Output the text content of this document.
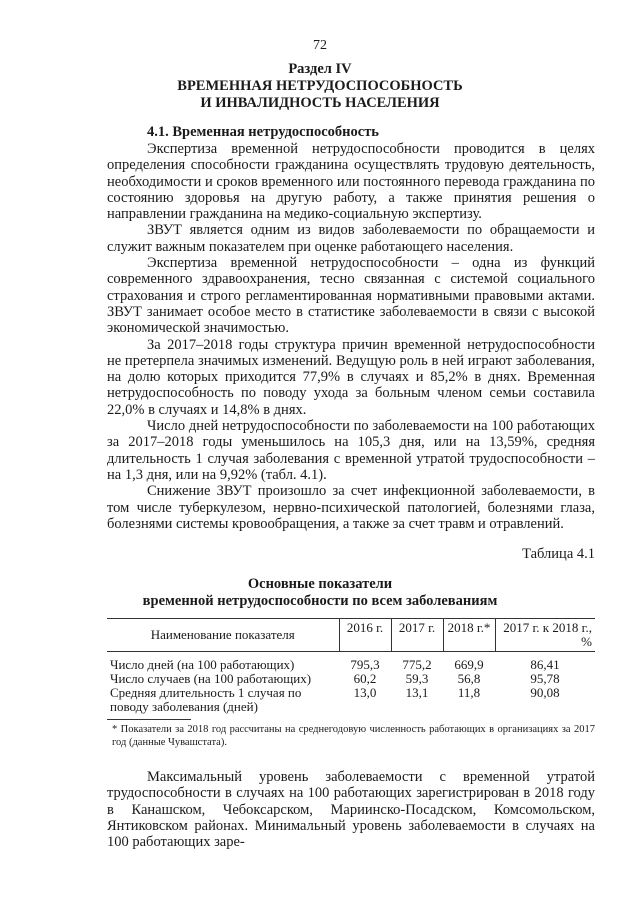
72
Раздел IV
ВРЕМЕННАЯ НЕТРУДОСПОСОБНОСТЬ
И ИНВАЛИДНОСТЬ НАСЕЛЕНИЯ
4.1. Временная нетрудоспособность

Экспертиза временной нетрудоспособности проводится в целях определения способности гражданина осуществлять трудовую деятельность, необходимости и сроков временного или постоянного перевода гражданина по состоянию здоровья на другую работу, а также принятия решения о направлении гражданина на медико-социальную экспертизу.

ЗВУТ является одним из видов заболеваемости по обращаемости и служит важным показателем при оценке работающего населения.

Экспертиза временной нетрудоспособности – одна из функций современного здравоохранения, тесно связанная с системой социального страхования и строго регламентированная нормативными правовыми актами. ЗВУТ занимает особое место в статистике заболеваемости в связи с высокой экономической значимостью.

За 2017–2018 годы структура причин временной нетрудоспособности не претерпела значимых изменений. Ведущую роль в ней играют заболевания, на долю которых приходится 77,9% в случаях и 85,2% в днях. Временная нетрудоспособность по поводу ухода за больным членом семьи составила 22,0% в случаях и 14,8% в днях.

Число дней нетрудоспособности по заболеваемости на 100 работающих за 2017–2018 годы уменьшилось на 105,3 дня, или на 13,59%, средняя длительность 1 случая заболевания с временной утратой трудоспособности – на 1,3 дня, или на 9,92% (табл. 4.1).

Снижение ЗВУТ произошло за счет инфекционной заболеваемости, в том числе туберкулезом, нервно-психической патологией, болезнями глаза, болезнями системы кровообращения, а также за счет травм и отравлений.

Таблица 4.1
Основные показатели
временной нетрудоспособности по всем заболеваниям
Наименование показателя	2016 г.	2017 г.	2018 г.*	2017 г. к 2018 г., %

Число дней (на 100 работающих)	795,3	775,2	669,9	86,41
Число случаев (на 100 работающих)	60,2	59,3	56,8	95,78
Средняя длительность 1 случая по поводу заболевания (дней)	13,0	13,1	11,8	90,08
* Показатели за 2018 год рассчитаны на среднегодовую численность работающих в организациях за 2017 год (данные Чувашстата).

Максимальный уровень заболеваемости с временной утратой трудоспособности в случаях на 100 работающих зарегистрирован в 2018 году в Канашском, Чебоксарском, Мариинско-Посадском, Комсомольском, Янтиковском районах. Минимальный уровень заболеваемости в случаях на 100 работающих заре-
